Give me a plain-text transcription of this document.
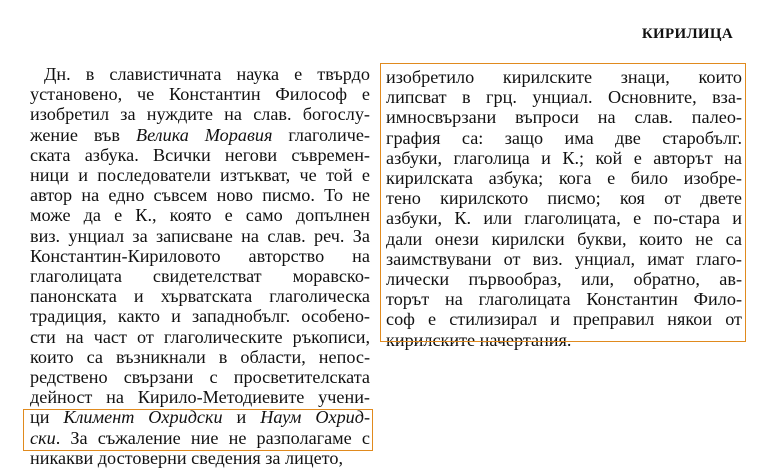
КИРИЛИЦА
Дн. в славистичната наука е твърдо
установено, че Константин Философ е
изобретил за нуждите на слав. богослу-
жение във Велика Моравия глаголиче-
ската азбука. Всички негови съвремен-
ници и последователи изтъкват, че той е
автор на едно съвсем ново писмо. То не
може да е К., която е само допълнен
виз. унциал за записване на слав. реч. За
Константин-Кириловото авторство на
глаголицата свидетелстват моравско-
панонската и хърватската глаголическа
традиция, както и западнобълг. особено-
сти на част от глаголическите ръкописи,
които са възникнали в области, непос-
редствено свързани с просветителската
дейност на Кирило-Методиевите учени-
ци Климент Охридски и Наум Охрид-
ски. За съжаление ние не разполагаме с
никакви достоверни сведения за лицето,
изобретило кирилските знаци, които
липсват в грц. унциал. Основните, вза-
имносвързани въпроси на слав. палео-
графия са: защо има две старобълг.
азбуки, глаголица и К.; кой е авторът на
кирилската азбука; кога е било изобре-
тено кирилското писмо; коя от двете
азбуки, К. или глаголицата, е по-стара и
дали онези кирилски букви, които не са
заимствувани от виз. унциал, имат глаго-
лически първообраз, или, обратно, ав-
торът на глаголицата Константин Фило-
соф е стилизирал и преправил някои от
кирилските начертания.
